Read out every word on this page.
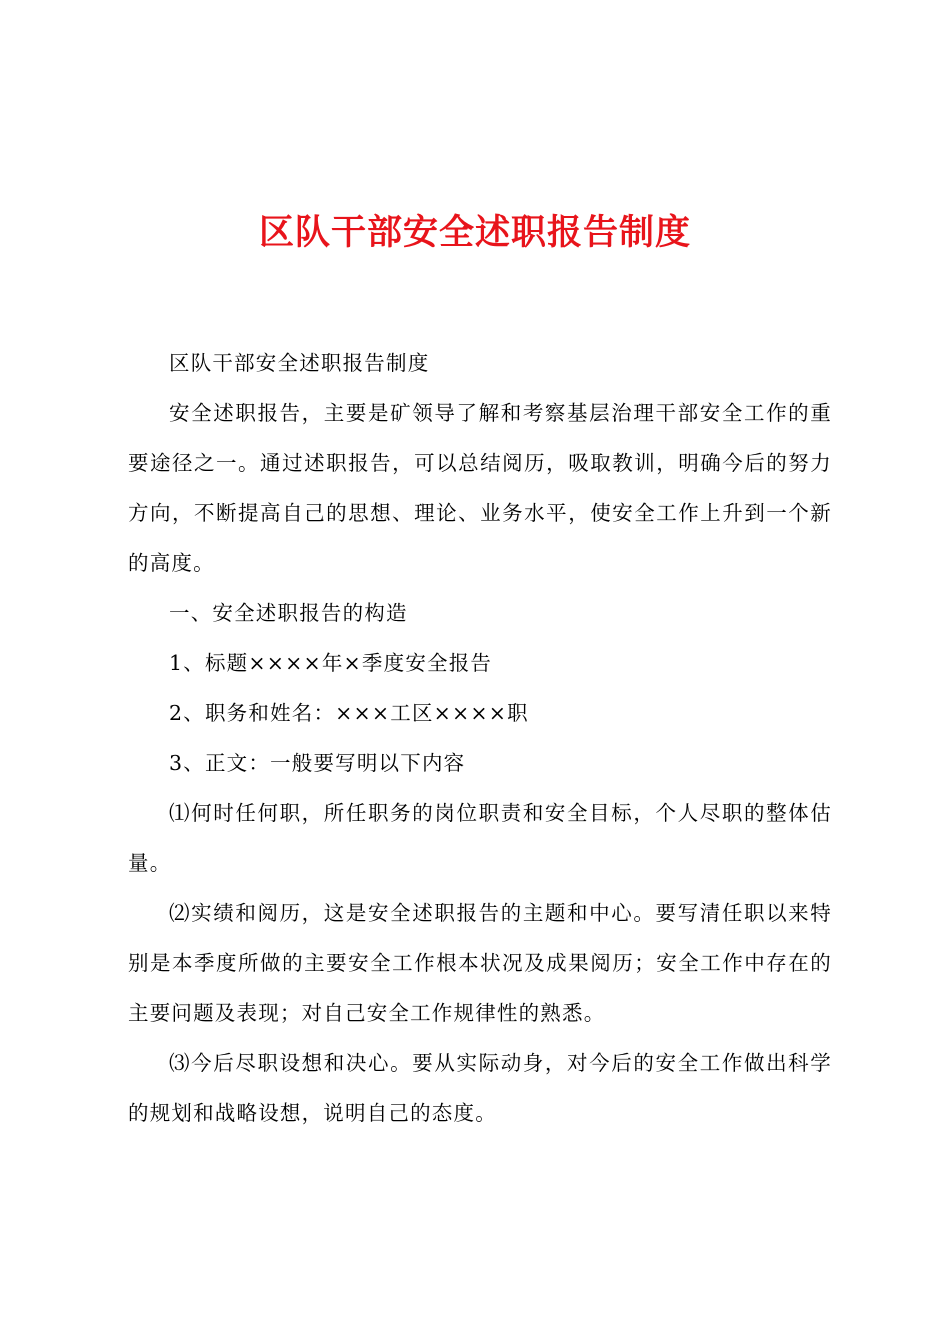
区队干部安全述职报告制度

区队干部安全述职报告制度

安全述职报告，主要是矿领导了解和考察基层治理干部安全工作的重要途径之一。通过述职报告，可以总结阅历，吸取教训，明确今后的努力方向，不断提高自己的思想、理论、业务水平，使安全工作上升到一个新的高度。

一、安全述职报告的构造

1、标题××××年×季度安全报告

2、职务和姓名：×××工区××××职

3、正文：一般要写明以下内容

⑴何时任何职，所任职务的岗位职责和安全目标，个人尽职的整体估量。

⑵实绩和阅历，这是安全述职报告的主题和中心。要写清任职以来特别是本季度所做的主要安全工作根本状况及成果阅历；安全工作中存在的主要问题及表现；对自己安全工作规律性的熟悉。

⑶今后尽职设想和决心。要从实际动身，对今后的安全工作做出科学的规划和战略设想，说明自己的态度。
